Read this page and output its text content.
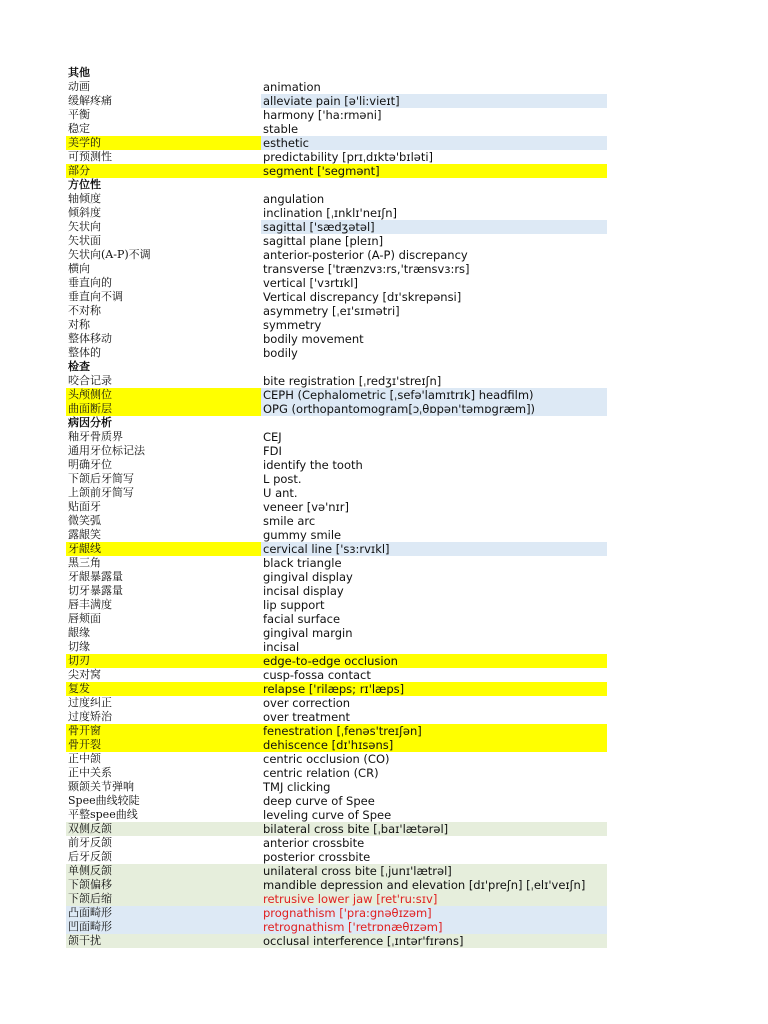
其他
动画	animation
缓解疼痛	alleviate pain [ə'li:vieɪt]
平衡	harmony ['ha:rməni]
稳定	stable
美学的	esthetic
可预测性	predictability [prɪˌdɪktə'bɪləti]
部分	segment ['segmənt]
方位性
轴倾度	angulation
倾斜度	inclination [ˌɪnklɪ'neɪʃn]
矢状向	sagittal ['sædʒətəl]
矢状面	sagittal plane [pleɪn]
矢状向(A-P)不调	anterior-posterior (A-P) discrepancy
横向	transverse ['trænzvɜ:rs,'trænsvɜ:rs]
垂直向的	vertical ['vɜrtɪkl]
垂直向不调	Vertical discrepancy [dɪ'skrepənsi]
不对称	asymmetry [ˌeɪ'sɪmətri]
对称	symmetry
整体移动	bodily movement
整体的	bodily
检查
咬合记录	bite registration [ˌredʒɪ'streɪʃn]
头颅侧位	CEPH (Cephalometric [ˌsefə'lamɪtrɪk] headfilm)
曲面断层	OPG (orthopantomogram[ɔˌθɒpən'təmɒgræm])
病因分析
釉牙骨质界	CEJ
通用牙位标记法	FDI
明确牙位	identify the tooth
下颌后牙简写	L post.
上颌前牙简写	U ant.
贴面牙	veneer [və'nɪr]
微笑弧	smile arc
露龈笑	gummy smile
牙龈线	cervical line ['sɜ:rvɪkl]
黑三角	black triangle
牙龈暴露量	gingival display
切牙暴露量	incisal display
唇丰满度	lip support
唇颊面	facial surface
龈缘	gingival margin
切缘	incisal
切刃	edge-to-edge occlusion
尖对窝	cusp-fossa contact
复发	relapse ['rilæps; rɪ'læps]
过度纠正	over correction
过度矫治	over treatment
骨开窗	fenestration [ˌfenəs'treɪʃən]
骨开裂	dehiscence [dɪ'hɪsəns]
正中颌	centric occlusion (CO)
正中关系	centric relation (CR)
颞颌关节弹响	TMJ clicking
Spee曲线较陡	deep curve of Spee
平整spee曲线	leveling curve of Spee
双侧反颌	bilateral cross bite [ˌbaɪ'lætərəl]
前牙反颌	anterior crossbite
后牙反颌	posterior crossbite
单侧反颌	unilateral cross bite [ˌjunɪ'lætrəl]
下颌偏移	mandible depression and elevation [dɪ'preʃn] [ˌelɪ'veɪʃn]
下颌后缩	retrusive lower jaw [ret'ru:sɪv]
凸面畸形	prognathism ['pra:gnəθɪzəm]
凹面畸形	retrognathism ['retrɒnæθɪzəm]
颌干扰	occlusal interference [ˌɪntər'fɪrəns]
